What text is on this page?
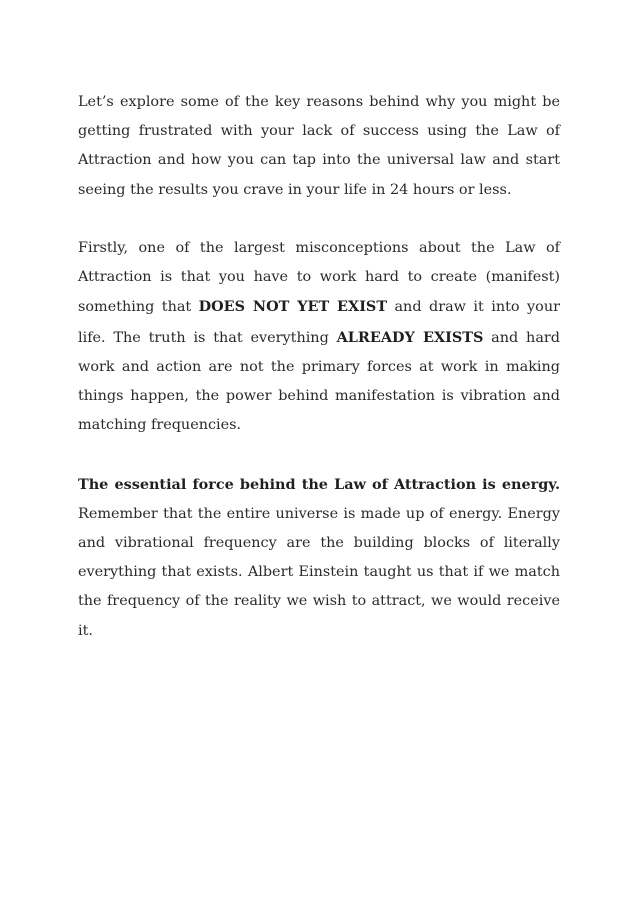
Let’s explore some of the key reasons behind why you might be getting frustrated with your lack of success using the Law of Attraction and how you can tap into the universal law and start seeing the results you crave in your life in 24 hours or less.

Firstly, one of the largest misconceptions about the Law of Attraction is that you have to work hard to create (manifest) something that DOES NOT YET EXIST and draw it into your life. The truth is that everything ALREADY EXISTS and hard work and action are not the primary forces at work in making things happen, the power behind manifestation is vibration and matching frequencies.

The essential force behind the Law of Attraction is energy. Remember that the entire universe is made up of energy. Energy and vibrational frequency are the building blocks of literally everything that exists. Albert Einstein taught us that if we match the frequency of the reality we wish to attract, we would receive it.
